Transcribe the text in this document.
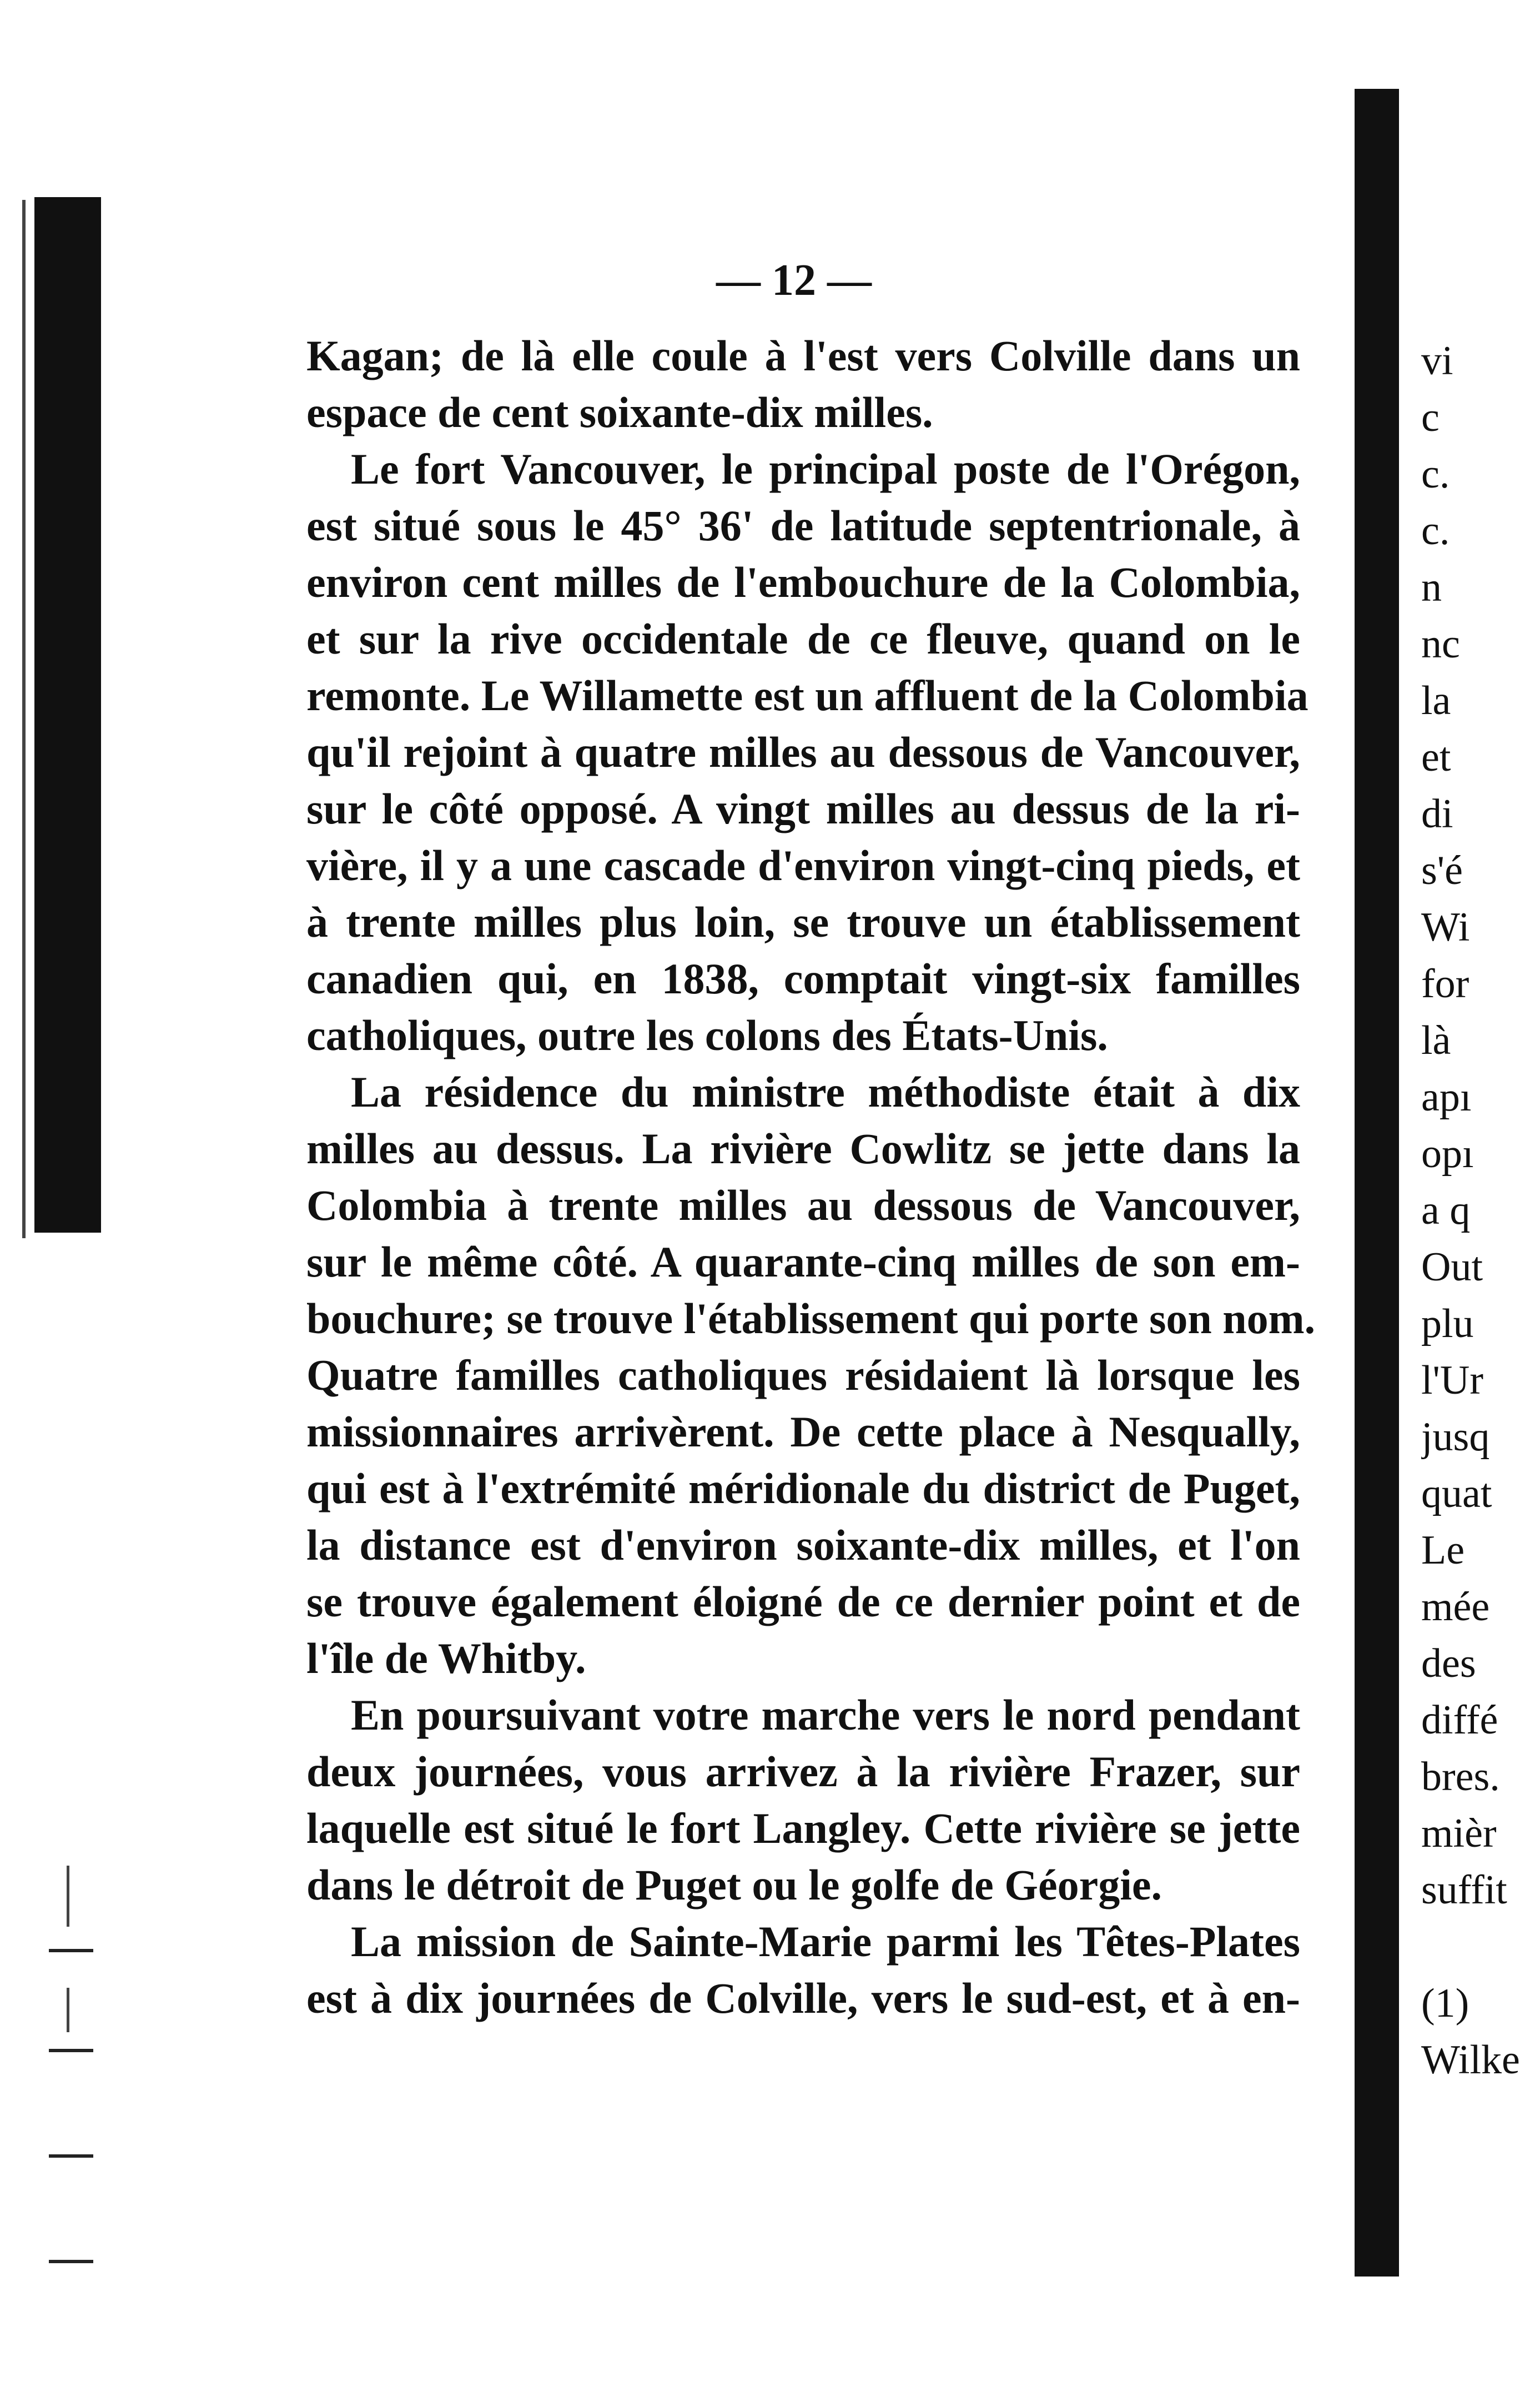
vi
c
c.
c.
n
nc
la
et
di
s'é
Wi
for
là
apı
opı
a q
Out
plu
l'Ur
jusq
quat
Le
mée
des
diffé
bres.
mièr
suffit
(1)
Wilke
— 12 —
Kagan; de là elle coule à l'est vers Colville dans un
espace de cent soixante-dix milles.
Le fort Vancouver, le principal poste de l'Orégon,
est situé sous le 45° 36' de latitude septentrionale, à
environ cent milles de l'embouchure de la Colombia,
et sur la rive occidentale de ce fleuve, quand on le
remonte. Le Willamette est un affluent de la Colombia
qu'il rejoint à quatre milles au dessous de Vancouver,
sur le côté opposé. A vingt milles au dessus de la ri-
vière, il y a une cascade d'environ vingt-cinq pieds, et
à trente milles plus loin, se trouve un établissement
canadien qui, en 1838, comptait vingt-six familles
catholiques, outre les colons des États-Unis.
La résidence du ministre méthodiste était à dix
milles au dessus. La rivière Cowlitz se jette dans la
Colombia à trente milles au dessous de Vancouver,
sur le même côté. A quarante-cinq milles de son em-
bouchure; se trouve l'établissement qui porte son nom.
Quatre familles catholiques résidaient là lorsque les
missionnaires arrivèrent. De cette place à Nesqually,
qui est à l'extrémité méridionale du district de Puget,
la distance est d'environ soixante-dix milles, et l'on
se trouve également éloigné de ce dernier point et de
l'île de Whitby.
En poursuivant votre marche vers le nord pendant
deux journées, vous arrivez à la rivière Frazer, sur
laquelle est situé le fort Langley. Cette rivière se jette
dans le détroit de Puget ou le golfe de Géorgie.
La mission de Sainte-Marie parmi les Têtes-Plates
est à dix journées de Colville, vers le sud-est, et à en-
